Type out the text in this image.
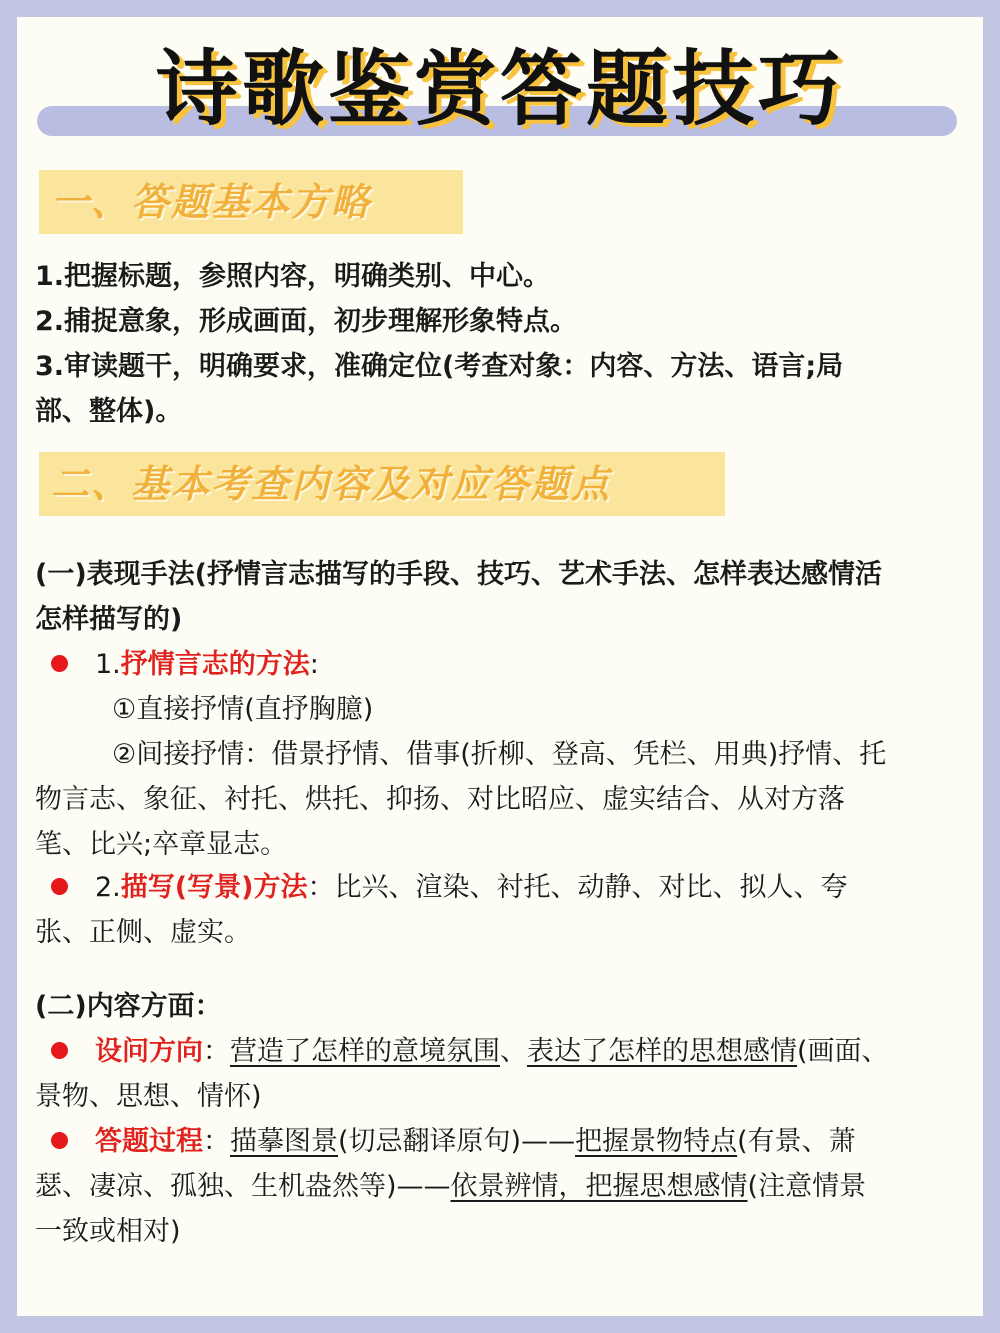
诗歌鉴赏答题技巧
一、答题基本方略
1.把握标题，参照内容，明确类别、中心。
2.捕捉意象，形成画面，初步理解形象特点。
3.审读题干，明确要求，准确定位(考查对象：内容、方法、语言;局
部、整体)。
二、基本考查内容及对应答题点
(一)表现手法(抒情言志描写的手段、技巧、艺术手法、怎样表达感情活
怎样描写的)
1.抒情言志的方法:
①直接抒情(直抒胸臆)
②间接抒情：借景抒情、借事(折柳、登高、凭栏、用典)抒情、托
物言志、象征、衬托、烘托、抑扬、对比昭应、虚实结合、从对方落
笔、比兴;卒章显志。
2.描写(写景)方法：比兴、渲染、衬托、动静、对比、拟人、夸
张、正侧、虚实。
(二)内容方面：
设问方向：营造了怎样的意境氛围、表达了怎样的思想感情(画面、
景物、思想、情怀)
答题过程：描摹图景(切忌翻译原句)——把握景物特点(有景、萧
瑟、凄凉、孤独、生机盎然等)——依景辨情，把握思想感情(注意情景
一致或相对)
